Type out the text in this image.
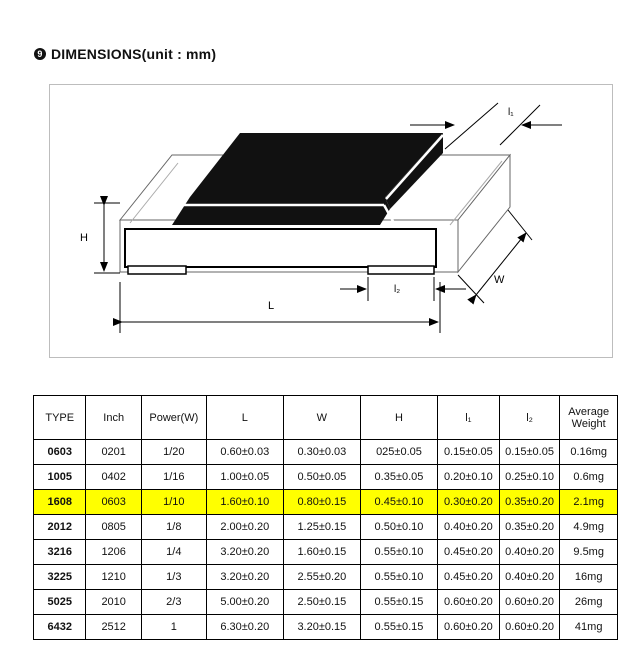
9 DIMENSIONS(unit : mm)
H
L
l₂
W
l₁
TYPE	Inch	Power(W)	L	W	H	l₁	l₂	Average Weight
0603	0201	1/20	0.60±0.03	0.30±0.03	025±0.05	0.15±0.05	0.15±0.05	0.16mg
1005	0402	1/16	1.00±0.05	0.50±0.05	0.35±0.05	0.20±0.10	0.25±0.10	0.6mg
1608	0603	1/10	1.60±0.10	0.80±0.15	0.45±0.10	0.30±0.20	0.35±0.20	2.1mg
2012	0805	1/8	2.00±0.20	1.25±0.15	0.50±0.10	0.40±0.20	0.35±0.20	4.9mg
3216	1206	1/4	3.20±0.20	1.60±0.15	0.55±0.10	0.45±0.20	0.40±0.20	9.5mg
3225	1210	1/3	3.20±0.20	2.55±0.20	0.55±0.10	0.45±0.20	0.40±0.20	16mg
5025	2010	2/3	5.00±0.20	2.50±0.15	0.55±0.15	0.60±0.20	0.60±0.20	26mg
6432	2512	1	6.30±0.20	3.20±0.15	0.55±0.15	0.60±0.20	0.60±0.20	41mg
